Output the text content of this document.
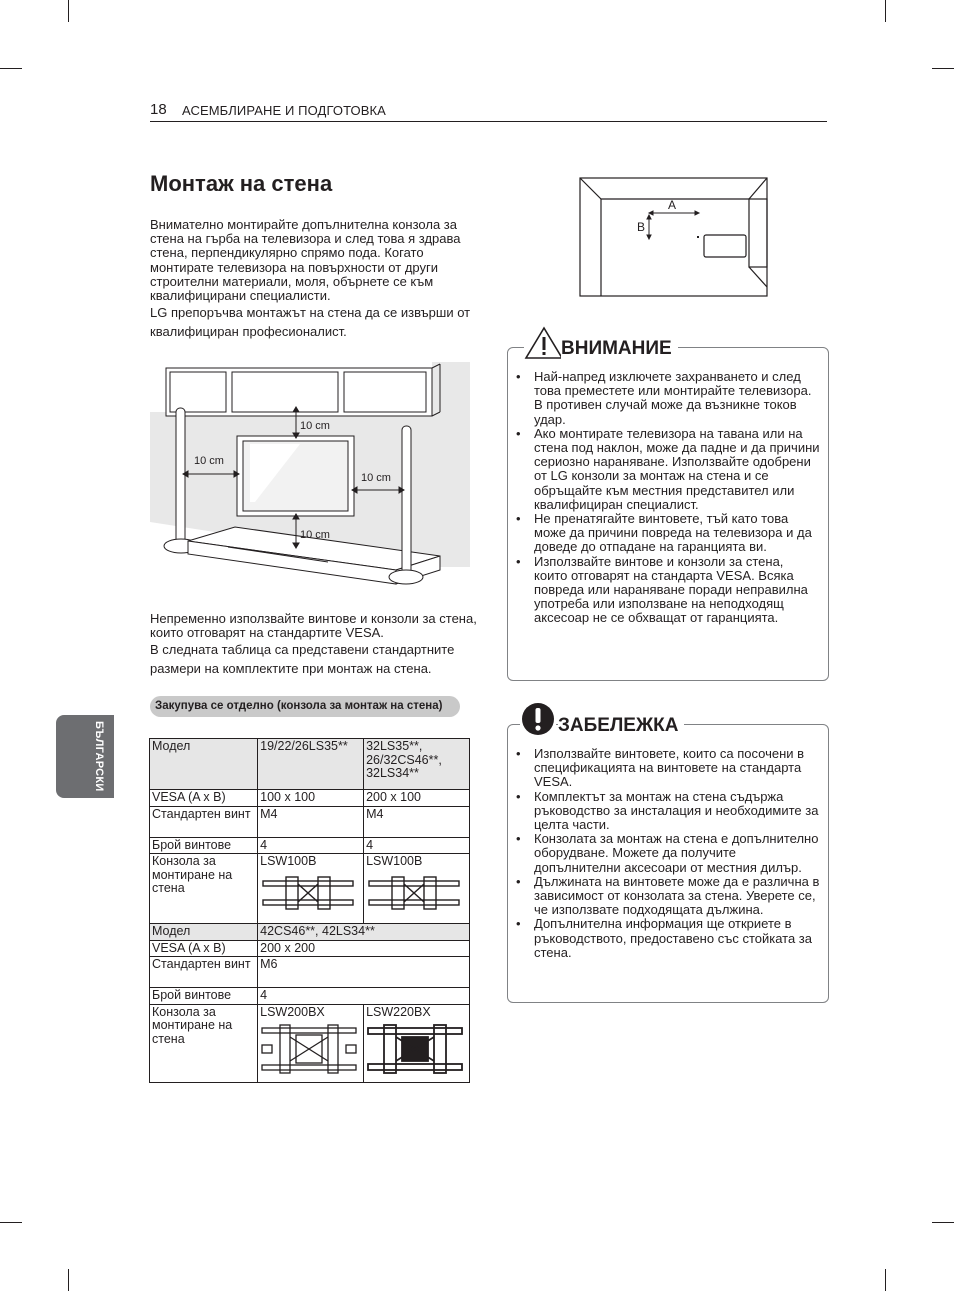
18 АСЕМБЛИРАНЕ И ПОДГОТОВКА
Монтаж на стена

Внимателно монтирайте допълнителна конзола за стена на гърба на телевизора и след това я здрава стена, перпендикулярно спрямо пода. Когато монтирате телевизора на повърхности от други строителни материали, моля, обърнете се към квалифицирани специалисти.

LG препоръчва монтажът на стена да се извърши от квалифициран професионалист.

10 cm
10 cm
10 cm
10 cm

Непременно използвайте винтове и конзоли за стена, които отговарят на стандартите VESA.

В следната таблица са представени стандартните размери на комплектите при монтаж на стена.

Закупува се отделно (конзола за монтаж на стена)
БЪЛГАРСКИ	Модел	19/22/26LS35**	32LS35**, 26/32CS46**, 32LS34**
VESA (A x B)	100 x 100	200 x 100
Стандартен винт	M4	M4
Брой винтове	4	4
Конзола за монтиране на стена	LSW100B	LSW100B

Модел	42CS46**, 42LS34**	
VESA (A x B)	200 x 200	
Стандартен винт	M6	
Брой винтове	4	
Конзола за монтиране на стена	LSW200BX	LSW220BX
A
B
ВНИМАНИЕ
• Най-напред изключете захранването и след това преместете или монтирайте телевизора. В противен случай може да възникне токов удар.
• Ако монтирате телевизора на тавана или на стена под наклон, може да падне и да причини сериозно нараняване. Използвайте одобрени от LG конзоли за монтаж на стена и се обръщайте към местния представител или квалифициран специалист.
• Не пренатягайте винтовете, тъй като това може да причини повреда на телевизора и да доведе до отпадане на гаранцията ви.
• Използвайте винтове и конзоли за стена, които отговарят на стандарта VESA. Всяка повреда или нараняване поради неправилна употреба или използване на неподходящ аксесоар не се обхващат от гаранцията.
ЗАБЕЛЕЖКА
• Използвайте винтовете, които са посочени в спецификацията на винтовете на стандарта VESA.
• Комплектът за монтаж на стена съдържа ръководство за инсталация и необходимите за целта части.
• Конзолата за монтаж на стена е допълнително оборудване. Можете да получите допълнителни аксесоари от местния дилър.
• Дължината на винтовете може да е различна в зависимост от конзолата за стена. Уверете се, че използвате подходящата дължина.
• Допълнителна информация ще откриете в ръководството, предоставено със стойката за стена.
